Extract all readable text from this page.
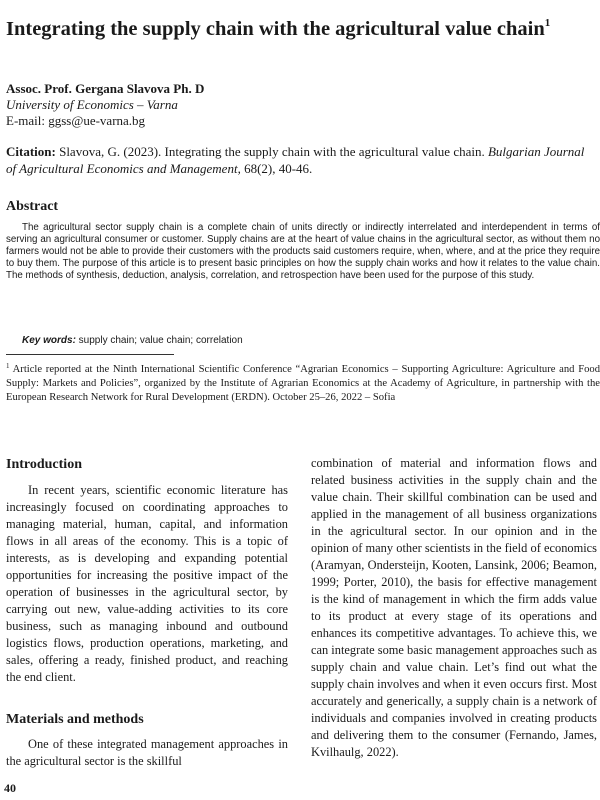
Integrating the supply chain with the agricultural value chain$^1$
Assoc. Prof. Gergana Slavova Ph. D
University of Economics – Varna
E-mail: ggss@ue-varna.bg
Citation: Slavova, G. (2023). Integrating the supply chain with the agricultural value chain. Bulgarian Journal of Agricultural Economics and Management, 68(2), 40-46.
Abstract

The agricultural sector supply chain is a complete chain of units directly or indirectly interrelated and interdependent in terms of serving an agricultural consumer or customer. Supply chains are at the heart of value chains in the agricultural sector, as without them no farmers would not be able to provide their customers with the products said customers require, when, where, and at the price they require to buy them. The purpose of this article is to present basic principles on how the supply chain works and how it relates to the value chain. The methods of synthesis, deduction, analysis, correlation, and retrospection have been used for the purpose of this study.

Key words: supply chain; value chain; correlation

$^1$ Article reported at the Ninth International Scientific Conference “Agrarian Economics – Supporting Agriculture: Agriculture and Food Supply: Markets and Policies”, organized by the Institute of Agrarian Economics at the Academy of Agriculture, in partnership with the European Research Network for Rural Development (ERDN). October 25–26, 2022 – Sofia

Introduction

In recent years, scientific economic literature has increasingly focused on coordinating approaches to managing material, human, capital, and information flows in all areas of the economy. This is a topic of interests, as is developing and expanding potential opportunities for increasing the positive impact of the operation of businesses in the agricultural sector, by carrying out new, value-adding activities to its core business, such as managing inbound and outbound logistics flows, production operations, marketing, and sales, offering a ready, finished product, and reaching the end client.

Materials and methods

One of these integrated management approaches in the agricultural sector is the skillful

combination of material and information flows and related business activities in the supply chain and the value chain. Their skillful combination can be used and applied in the management of all business organizations in the agricultural sector. In our opinion and in the opinion of many other scientists in the field of economics (Aramyan, Ondersteijn, Kooten, Lansink, 2006; Beamon, 1999; Porter, 2010), the basis for effective management is the kind of management in which the firm adds value to its product at every stage of its operations and enhances its competitive advantages. To achieve this, we can integrate some basic management approaches such as supply chain and value chain. Let’s find out what the supply chain involves and when it even occurs first. Most accurately and generically, a supply chain is a network of individuals and companies involved in creating products and delivering them to the consumer (Fernando, James, Kvilhaulg, 2022).

40
